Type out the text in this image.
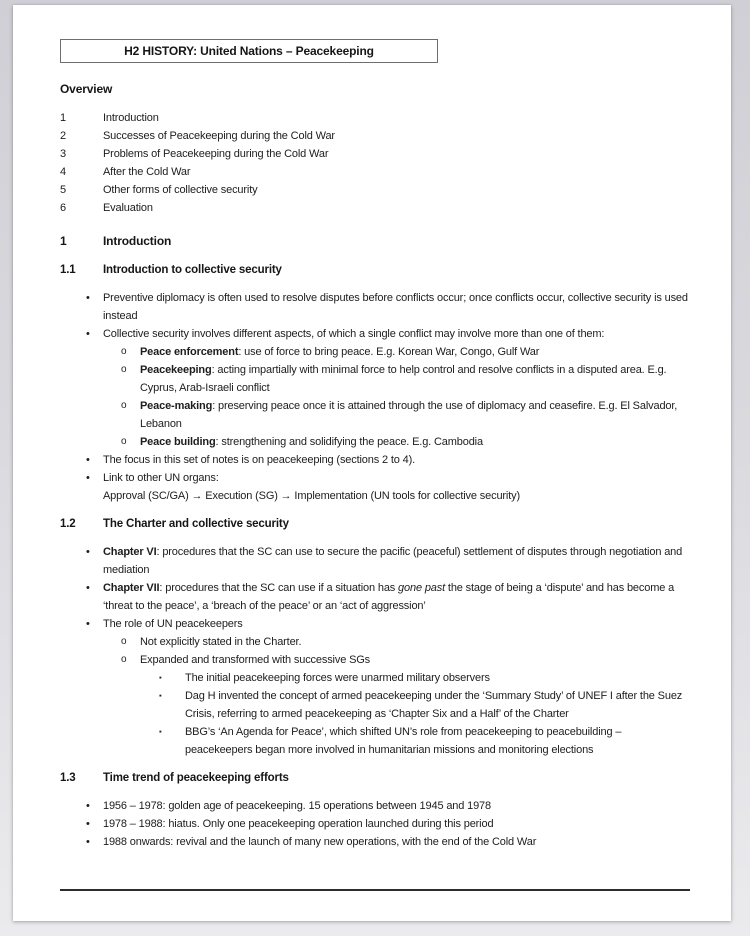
H2 HISTORY: United Nations – Peacekeeping
Overview
1	Introduction
2	Successes of Peacekeeping during the Cold War
3	Problems of Peacekeeping during the Cold War
4	After the Cold War
5	Other forms of collective security
6	Evaluation
1	Introduction
1.1	Introduction to collective security
•	Preventive diplomacy is often used to resolve disputes before conflicts occur; once conflicts occur, collective security is used instead
•	Collective security involves different aspects, of which a single conflict may involve more than one of them:
o	Peace enforcement: use of force to bring peace. E.g. Korean War, Congo, Gulf War
o	Peacekeeping: acting impartially with minimal force to help control and resolve conflicts in a disputed area. E.g. Cyprus, Arab-Israeli conflict
o	Peace-making: preserving peace once it is attained through the use of diplomacy and ceasefire. E.g. El Salvador, Lebanon
o	Peace building: strengthening and solidifying the peace. E.g. Cambodia
•	The focus in this set of notes is on peacekeeping (sections 2 to 4).
•	Link to other UN organs:
Approval (SC/GA) → Execution (SG) → Implementation (UN tools for collective security)
1.2	The Charter and collective security
•	Chapter VI: procedures that the SC can use to secure the pacific (peaceful) settlement of disputes through negotiation and mediation
•	Chapter VII: procedures that the SC can use if a situation has gone past the stage of being a ‘dispute’ and has become a ‘threat to the peace’, a ‘breach of the peace’ or an ‘act of aggression’
•	The role of UN peacekeepers
o	Not explicitly stated in the Charter.
o	Expanded and transformed with successive SGs
▪	The initial peacekeeping forces were unarmed military observers
▪	Dag H invented the concept of armed peacekeeping under the ‘Summary Study’ of UNEF I after the Suez Crisis, referring to armed peacekeeping as ‘Chapter Six and a Half’ of the Charter
▪	BBG’s ‘An Agenda for Peace’, which shifted UN’s role from peacekeeping to peacebuilding – peacekeepers began more involved in humanitarian missions and monitoring elections
1.3	Time trend of peacekeeping efforts
•	1956 – 1978: golden age of peacekeeping. 15 operations between 1945 and 1978
•	1978 – 1988: hiatus. Only one peacekeeping operation launched during this period
•	1988 onwards: revival and the launch of many new operations, with the end of the Cold War
